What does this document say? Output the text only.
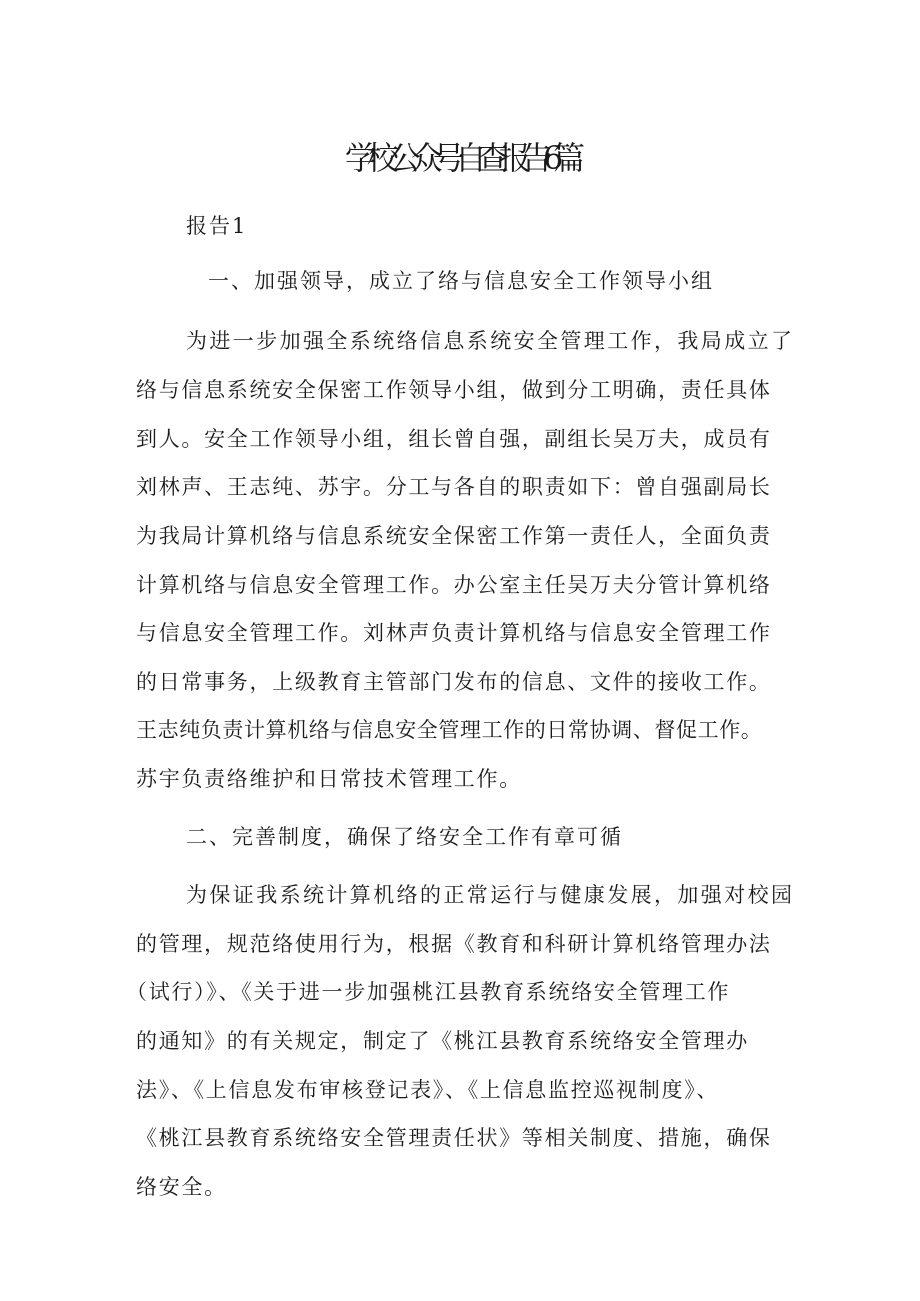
学校公众号自查报告6篇
报告1
一、加强领导，成立了络与信息安全工作领导小组
为进一步加强全系统络信息系统安全管理工作，我局成立了
络与信息系统安全保密工作领导小组，做到分工明确，责任具体
到人。安全工作领导小组，组长曾自强，副组长吴万夫，成员有
刘林声、王志纯、苏宇。分工与各自的职责如下：曾自强副局长
为我局计算机络与信息系统安全保密工作第一责任人，全面负责
计算机络与信息安全管理工作。办公室主任吴万夫分管计算机络
与信息安全管理工作。刘林声负责计算机络与信息安全管理工作
的日常事务，上级教育主管部门发布的信息、文件的接收工作。
王志纯负责计算机络与信息安全管理工作的日常协调、督促工作。
苏宇负责络维护和日常技术管理工作。
二、完善制度，确保了络安全工作有章可循
为保证我系统计算机络的正常运行与健康发展，加强对校园
的管理，规范络使用行为，根据《教育和科研计算机络管理办法
（试行）》、《关于进一步加强桃江县教育系统络安全管理工作
的通知》的有关规定，制定了《桃江县教育系统络安全管理办
法》、《上信息发布审核登记表》、《上信息监控巡视制度》、
《桃江县教育系统络安全管理责任状》等相关制度、措施，确保
络安全。
